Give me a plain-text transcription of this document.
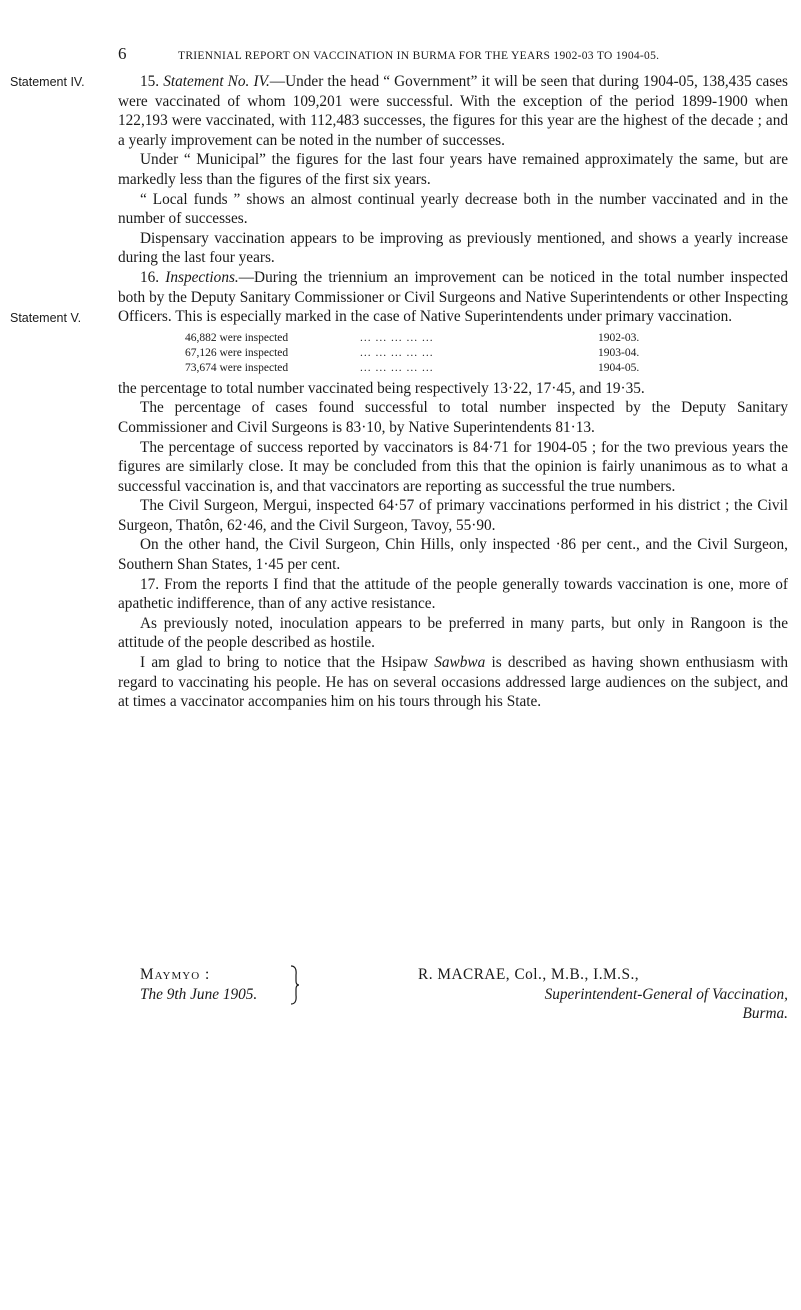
6	TRIENNIAL REPORT ON VACCINATION IN BURMA FOR THE YEARS 1902-03 TO 1904-05.
Statement IV.
Statement V.

15. Statement No. IV.—Under the head “ Government” it will be seen that during 1904-05, 138,435 cases were vaccinated of whom 109,201 were successful. With the exception of the period 1899-1900 when 122,193 were vaccinated, with 112,483 successes, the figures for this year are the highest of the decade ; and a yearly improvement can be noted in the number of successes.

Under “ Municipal” the figures for the last four years have remained approximately the same, but are markedly less than the figures of the first six years.

“ Local funds ” shows an almost continual yearly decrease both in the number vaccinated and in the number of successes.

Dispensary vaccination appears to be improving as previously mentioned, and shows a yearly increase during the last four years.

16. Inspections.—During the triennium an improvement can be noticed in the total number inspected both by the Deputy Sanitary Commissioner or Civil Surgeons and Native Superintendents or other Inspecting Officers. This is especially marked in the case of Native Superintendents under primary vaccination.

46,882 were inspected	... ... ... ... ...	1902-03.
67,126 were inspected	... ... ... ... ...	1903-04.
73,674 were inspected	... ... ... ... ...	1904-05.

the percentage to total number vaccinated being respectively 13·22, 17·45, and 19·35.

The percentage of cases found successful to total number inspected by the Deputy Sanitary Commissioner and Civil Surgeons is 83·10, by Native Superintendents 81·13.

The percentage of success reported by vaccinators is 84·71 for 1904-05 ; for the two previous years the figures are similarly close. It may be concluded from this that the opinion is fairly unanimous as to what a successful vaccination is, and that vaccinators are reporting as successful the true numbers.

The Civil Surgeon, Mergui, inspected 64·57 of primary vaccinations performed in his district ; the Civil Surgeon, Thatôn, 62·46, and the Civil Surgeon, Tavoy, 55·90.

On the other hand, the Civil Surgeon, Chin Hills, only inspected ·86 per cent., and the Civil Surgeon, Southern Shan States, 1·45 per cent.

17. From the reports I find that the attitude of the people generally towards vaccination is one, more of apathetic indifference, than of any active resistance.

As previously noted, inoculation appears to be preferred in many parts, but only in Rangoon is the attitude of the people described as hostile.

I am glad to bring to notice that the Hsipaw Sawbwa is described as having shown enthusiasm with regard to vaccinating his people. He has on several occasions addressed large audiences on the subject, and at times a vaccinator accompanies him on his tours through his State.

Maymyo :
The 9th June 1905.
R. MACRAE, Col., M.B., I.M.S.,
Superintendent-General of Vaccination,
Burma.
